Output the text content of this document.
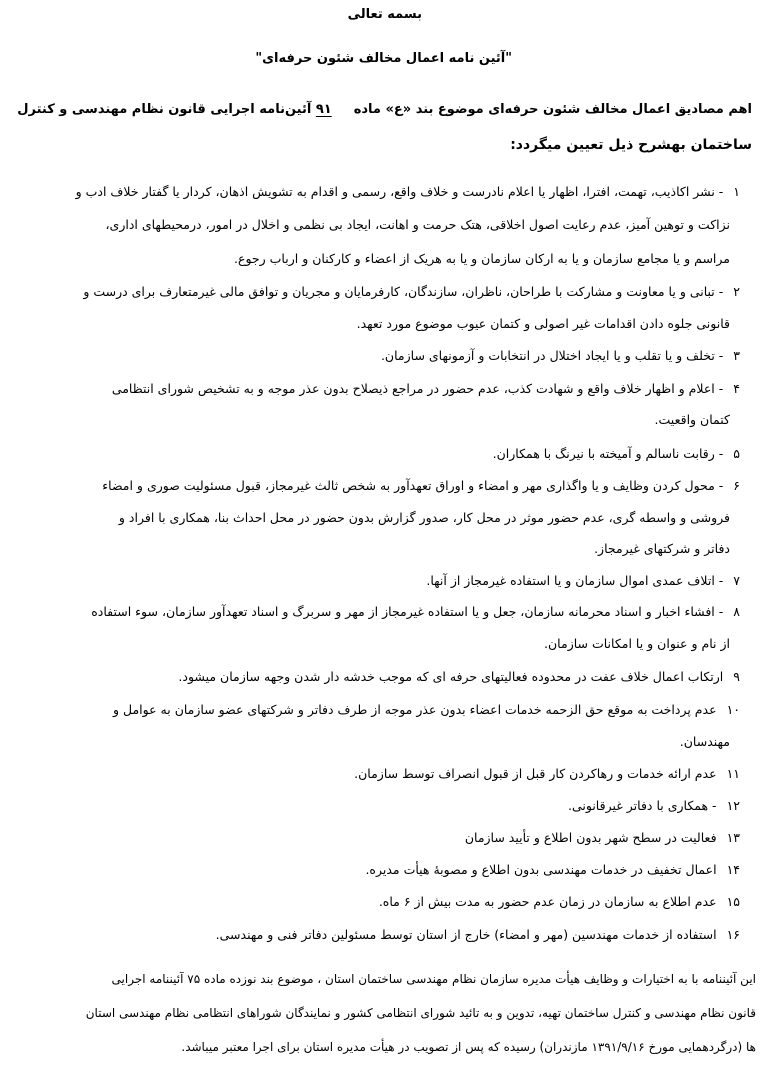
بسمه تعالی
"آئین نامه اعمال مخالف شئون حرفه‌ای"
اهم مصادیق اعمال مخالف شئون حرفه‌ای موضوع بند «ع» ماده۹۱ آئین‌نامه اجرایی قانون نظام مهندسی و کنترل
ساختمان بهشرح ذیل تعیین میگردد:
۱- نشر اکاذیب، تهمت، افترا، اظهار یا اعلام نادرست و خلاف واقع، رسمی و اقدام به تشویش اذهان، کردار یا گفتار خلاف ادب و
نزاکت و توهین آمیز، عدم رعایت اصول اخلاقی، هتک حرمت و اهانت، ایجاد بی نظمی و اخلال در امور، درمحیطهای اداری،
مراسم و یا مجامع سازمان و یا به ارکان سازمان و یا به هریک از اعضاء و کارکنان و ارباب رجوع.
۲- تبانی و یا معاونت و مشارکت با طراحان، ناظران، سازندگان، کارفرمایان و مجریان و توافق مالی غیرمتعارف برای درست و
قانونی جلوه دادن اقدامات غیر اصولی و کتمان عیوب موضوع مورد تعهد.
۳- تخلف و یا تقلب و یا ایجاد اختلال در انتخابات و آزمونهای سازمان.
۴- اعلام و اظهار خلاف واقع و شهادت کذب، عدم حضور در مراجع ذیصلاح بدون عذر موجه و به تشخیص شورای انتظامی
کتمان واقعیت.
۵- رقابت ناسالم و آمیخته با نیرنگ با همکاران.
۶- محول کردن وظایف و یا واگذاری مهر و امضاء و اوراق تعهدآور به شخص ثالث غیرمجاز، قبول مسئولیت صوری و امضاء
فروشی و واسطه گری، عدم حضور موثر در محل کار، صدور گزارش بدون حضور در محل احداث بنا، همکاری با افراد و
دفاتر و شرکتهای غیرمجاز.
۷- اتلاف عمدی اموال سازمان و یا استفاده غیرمجاز از آنها.
۸- افشاء اخبار و اسناد محرمانه سازمان، جعل و یا استفاده غیرمجاز از مهر و سربرگ و اسناد تعهدآور سازمان، سوء استفاده
از نام و عنوان و یا امکانات سازمان.
۹ارتکاب اعمال خلاف عفت در محدوده فعالیتهای حرفه ای که موجب خدشه دار شدن وجهه سازمان میشود.
۱۰عدم پرداخت به موقع حق الزحمه خدمات اعضاء بدون عذر موجه از طرف دفاتر و شرکتهای عضو سازمان به عوامل و
مهندسان.
۱۱عدم ارائه خدمات و رهاکردن کار قبل از قبول انصراف توسط سازمان.
۱۲- همکاری با دفاتر غیرقانونی.
۱۳فعالیت در سطح شهر بدون اطلاع و تأیید سازمان
۱۴اعمال تخفیف در خدمات مهندسی بدون اطلاع و مصوبهٔ هیأت مدیره.
۱۵عدم اطلاع به سازمان در زمان عدم حضور به مدت بیش از ۶ ماه.
۱۶استفاده از خدمات مهندسین (مهر و امضاء) خارج از استان توسط مسئولین دفاتر فنی و مهندسی.
این آئیننامه با به اختیارات و وظایف هیأت مدیره سازمان نظام مهندسی ساختمان استان ، موضوع بند نوزده ماده ۷۵ آئیننامه اجرایی
قانون نظام مهندسی و کنترل ساختمان تهیه، تدوین و به تائید شورای انتظامی کشور و نمایندگان شوراهای انتظامی نظام مهندسی استان
ها (درگردهمایی مورخ ۱۳۹۱/۹/۱۶ مازندران) رسیده که پس از تصویب در هیأت مدیره استان برای اجرا معتبر میباشد.
